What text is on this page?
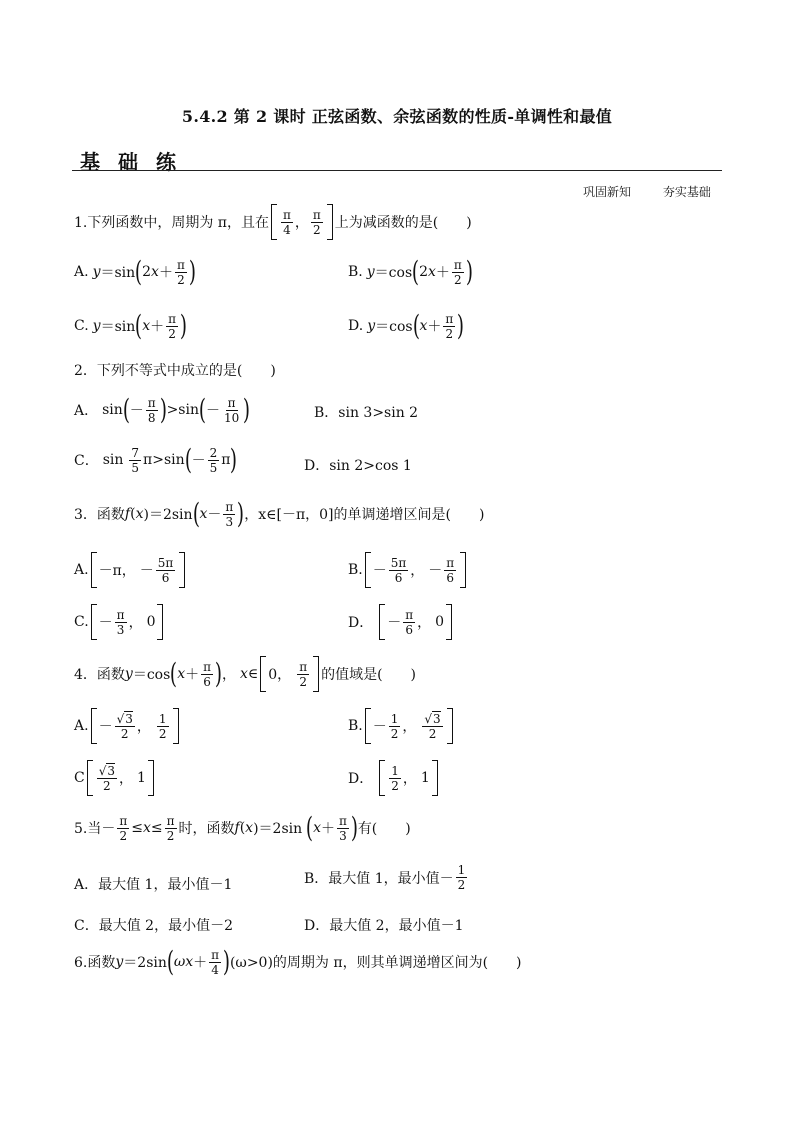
5.4.2 第 2 课时 正弦函数、余弦函数的性质-单调性和最值
基础练
巩固新知	夯实基础
1.下列函数中，周期为 π，且在 $\frac{\pi}{4}$ ， $\frac{\pi}{2}$ 上为减函数的是(　　)
A. y ＝sin ( 2 $x + \frac{\pi}{2}$ )	B. y ＝cos ( 2 $x + \frac{\pi}{2}$ )
C. y ＝sin ( $x + \frac{\pi}{2}$ )	D. y ＝cos ( $x + \frac{\pi}{2}$ )
2．下列不等式中成立的是(　　)
A． sin ( － $\frac{\pi}{8}$ ) >sin ( － $\frac{\pi}{10}$ )	B．sin 3>sin 2
C． $\sin \frac{7}{5} \pi>\sin$ ( － $\frac{2}{5}$ π )	D．sin 2>cos 1
3．函数 f ( x )＝2sin ( $x - \frac{\pi}{3}$ ) ，x∈[－π，0]的单调递增区间是(　　)
A. －π， － $\frac{5\pi}{6}$	B. － $\frac{5\pi}{6}$ ， － $\frac{\pi}{6}$
C. － $\frac{\pi}{3}$ ， 0	D． － $\frac{\pi}{6}$ ， 0
4．函数 y ＝cos ( $x + \frac{\pi}{6}$ ) ， x ∈ 0， $\frac{\pi}{2}$ 的值域是(　　)
A. － $\frac{√3}{2}$ ， $\frac{1}{2}$	B. － $\frac{1}{2}$ ， $\frac{√3}{2}$
C $\frac{√3}{2}$ ， 1	D． $\frac{1}{2}$ ， 1
5.当 － $\frac{\pi}{2} \le x \le \frac{\pi}{2}$ 时，函数 f ( x )＝2sin ( $x + \frac{\pi}{3}$ ) 有(　　)
A．最大值 1，最小值－1	B．最大值 1，最小值－ $\frac{1}{2}$
C．最大值 2，最小值－2	D．最大值 2，最小值－1
6.函数 y ＝2sin ( $\omega x + \frac{\pi}{4}$ ) (ω>0)的周期为 π，则其单调递增区间为(　　)
